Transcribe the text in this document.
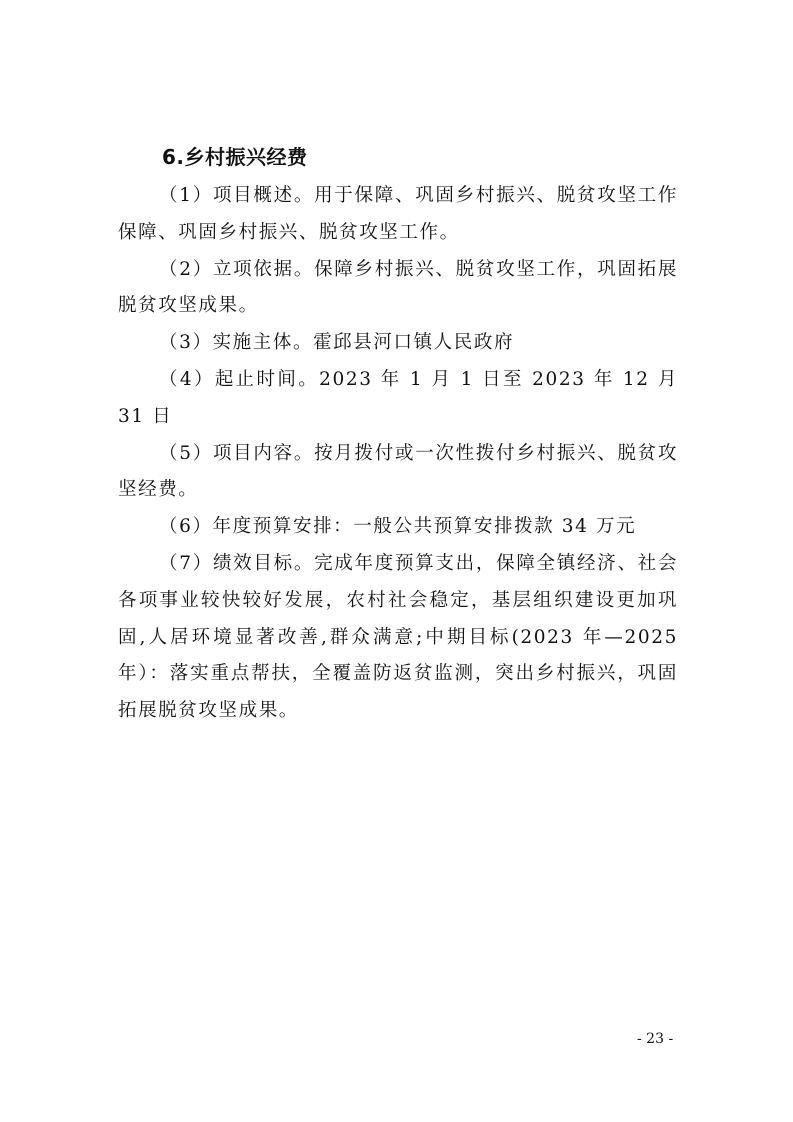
6.乡村振兴经费

（1）项目概述。用于保障、巩固乡村振兴、脱贫攻坚工作保障、巩固乡村振兴、脱贫攻坚工作。

（2）立项依据。保障乡村振兴、脱贫攻坚工作，巩固拓展脱贫攻坚成果。

（3）实施主体。霍邱县河口镇人民政府

（4）起止时间。2023 年 1 月 1 日至 2023 年 12 月 31 日

（5）项目内容。按月拨付或一次性拨付乡村振兴、脱贫攻坚经费。

（6）年度预算安排：一般公共预算安排拨款 34 万元

（7）绩效目标。完成年度预算支出，保障全镇经济、社会各项事业较快较好发展，农村社会稳定，基层组织建设更加巩固,人居环境显著改善,群众满意;中期目标(2023 年—2025 年）：落实重点帮扶，全覆盖防返贫监测，突出乡村振兴，巩固拓展脱贫攻坚成果。

- 23 -
